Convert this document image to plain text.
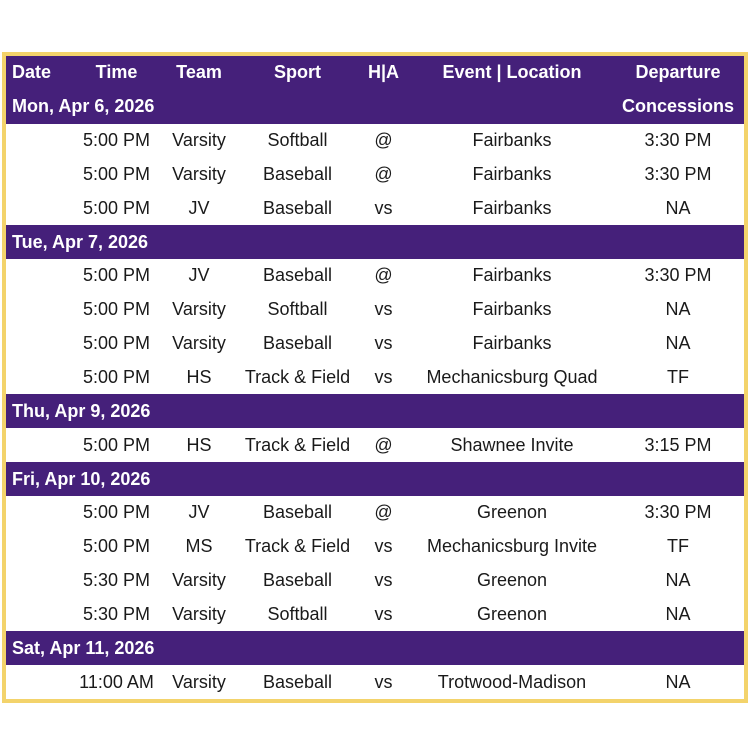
Date	Time	Team	Sport	H|A	Event | Location	Departure
Mon, Apr 6, 2026						Concessions
	5:00 PM	Varsity	Softball	@	Fairbanks	3:30 PM
	5:00 PM	Varsity	Baseball	@	Fairbanks	3:30 PM
	5:00 PM	JV	Baseball	vs	Fairbanks	NA
Tue, Apr 7, 2026						
	5:00 PM	JV	Baseball	@	Fairbanks	3:30 PM
	5:00 PM	Varsity	Softball	vs	Fairbanks	NA
	5:00 PM	Varsity	Baseball	vs	Fairbanks	NA
	5:00 PM	HS	Track & Field	vs	Mechanicsburg Quad	TF
Thu, Apr 9, 2026						
	5:00 PM	HS	Track & Field	@	Shawnee Invite	3:15 PM
Fri, Apr 10, 2026						
	5:00 PM	JV	Baseball	@	Greenon	3:30 PM
	5:00 PM	MS	Track & Field	vs	Mechanicsburg Invite	TF
	5:30 PM	Varsity	Baseball	vs	Greenon	NA
	5:30 PM	Varsity	Softball	vs	Greenon	NA
Sat, Apr 11, 2026						
	11:00 AM	Varsity	Baseball	vs	Trotwood-Madison	NA
